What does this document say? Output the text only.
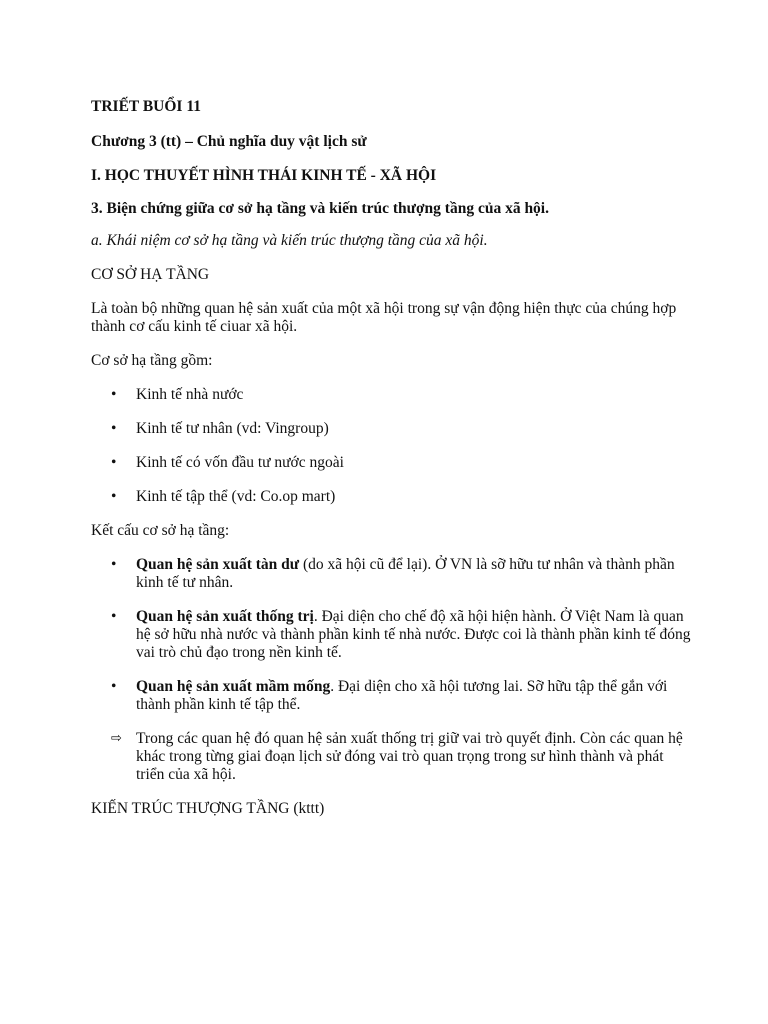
TRIẾT BUỔI 11

Chương 3 (tt) – Chủ nghĩa duy vật lịch sử

I. HỌC THUYẾT HÌNH THÁI KINH TẾ - XÃ HỘI

3. Biện chứng giữa cơ sở hạ tầng và kiến trúc thượng tầng của xã hội.

a. Khái niệm cơ sở hạ tầng và kiến trúc thượng tầng của xã hội.

CƠ SỞ HẠ TẦNG

Là toàn bộ những quan hệ sản xuất của một xã hội trong sự vận động hiện thực của chúng hợp thành cơ cấu kinh tế ciuar xã hội.

Cơ sở hạ tầng gồm:

• Kinh tế nhà nước
• Kinh tế tư nhân (vd: Vingroup)
• Kinh tế có vốn đầu tư nước ngoài
• Kinh tế tập thể (vd: Co.op mart)

Kết cấu cơ sở hạ tầng:

• Quan hệ sản xuất tàn dư (do xã hội cũ để lại). Ở VN là sỡ hữu tư nhân và thành phần kinh tế tư nhân.
• Quan hệ sản xuất thống trị. Đại diện cho chế độ xã hội hiện hành. Ở Việt Nam là quan hệ sở hữu nhà nước và thành phần kinh tế nhà nước. Được coi là thành phần kinh tế đóng vai trò chủ đạo trong nền kinh tế.
• Quan hệ sản xuất mầm mống. Đại diện cho xã hội tương lai. Sỡ hữu tập thể gắn với thành phần kinh tế tập thể.
⇨ Trong các quan hệ đó quan hệ sản xuất thống trị giữ vai trò quyết định. Còn các quan hệ khác trong từng giai đoạn lịch sử đóng vai trò quan trọng trong sư hình thành và phát triển của xã hội.

KIẾN TRÚC THƯỢNG TẦNG (kttt)
